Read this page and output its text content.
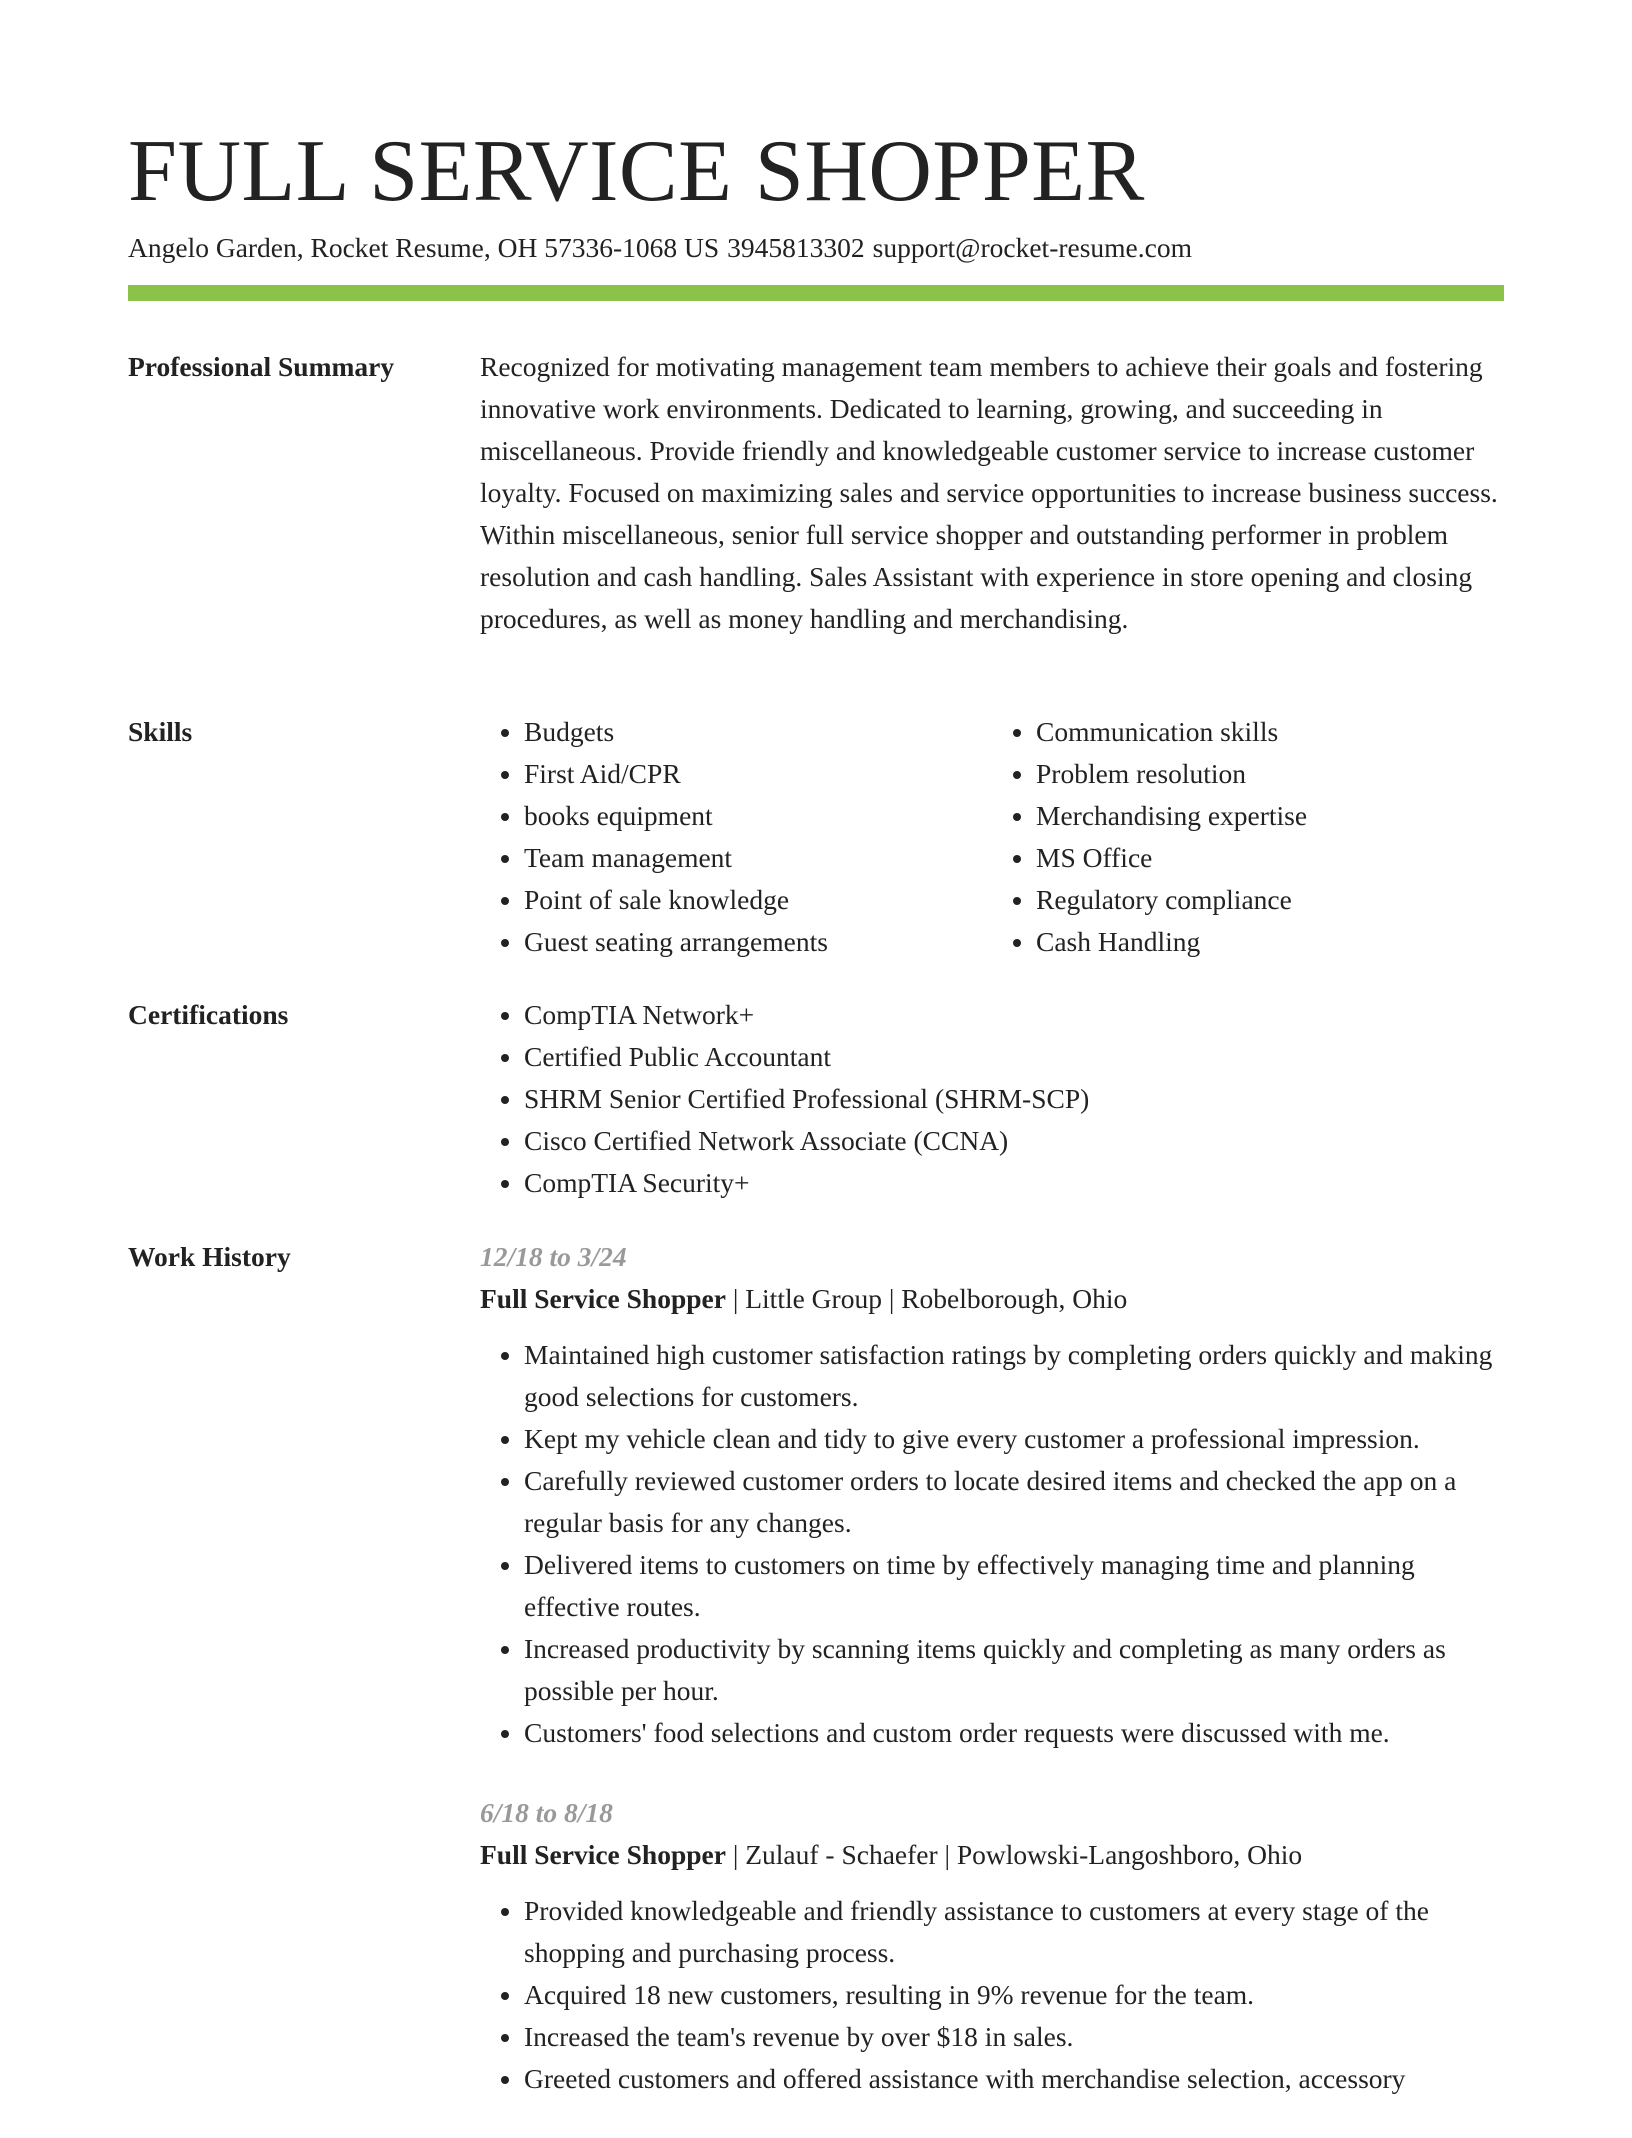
FULL SERVICE SHOPPER
Angelo Garden, Rocket Resume, OH 57336-1068 US 3945813302 support@rocket-resume.com
Professional Summary	Recognized for motivating management team members to achieve their goals and fostering innovative work environments. Dedicated to learning, growing, and succeeding in miscellaneous. Provide friendly and knowledgeable customer service to increase customer loyalty. Focused on maximizing sales and service opportunities to increase business success. Within miscellaneous, senior full service shopper and outstanding performer in problem resolution and cash handling. Sales Assistant with experience in store opening and closing procedures, as well as money handling and merchandising.

Skills	• Budgets
• First Aid/CPR
• books equipment
• Team management
• Point of sale knowledge
• Guest seating arrangements
• Communication skills
• Problem resolution
• Merchandising expertise
• MS Office
• Regulatory compliance
• Cash Handling
Certifications	• CompTIA Network+
• Certified Public Accountant
• SHRM Senior Certified Professional (SHRM-SCP)
• Cisco Certified Network Associate (CCNA)
• CompTIA Security+
Work History	12/18 to 3/24
Full Service Shopper | Little Group | Robelborough, Ohio
• Maintained high customer satisfaction ratings by completing orders quickly and making good selections for customers.
• Kept my vehicle clean and tidy to give every customer a professional impression.
• Carefully reviewed customer orders to locate desired items and checked the app on a regular basis for any changes.
• Delivered items to customers on time by effectively managing time and planning effective routes.
• Increased productivity by scanning items quickly and completing as many orders as possible per hour.
• Customers' food selections and custom order requests were discussed with me.
6/18 to 8/18
Full Service Shopper | Zulauf - Schaefer | Powlowski-Langoshboro, Ohio
• Provided knowledgeable and friendly assistance to customers at every stage of the shopping and purchasing process.
• Acquired 18 new customers, resulting in 9% revenue for the team.
• Increased the team's revenue by over $18 in sales.
• Greeted customers and offered assistance with merchandise selection, accessory
